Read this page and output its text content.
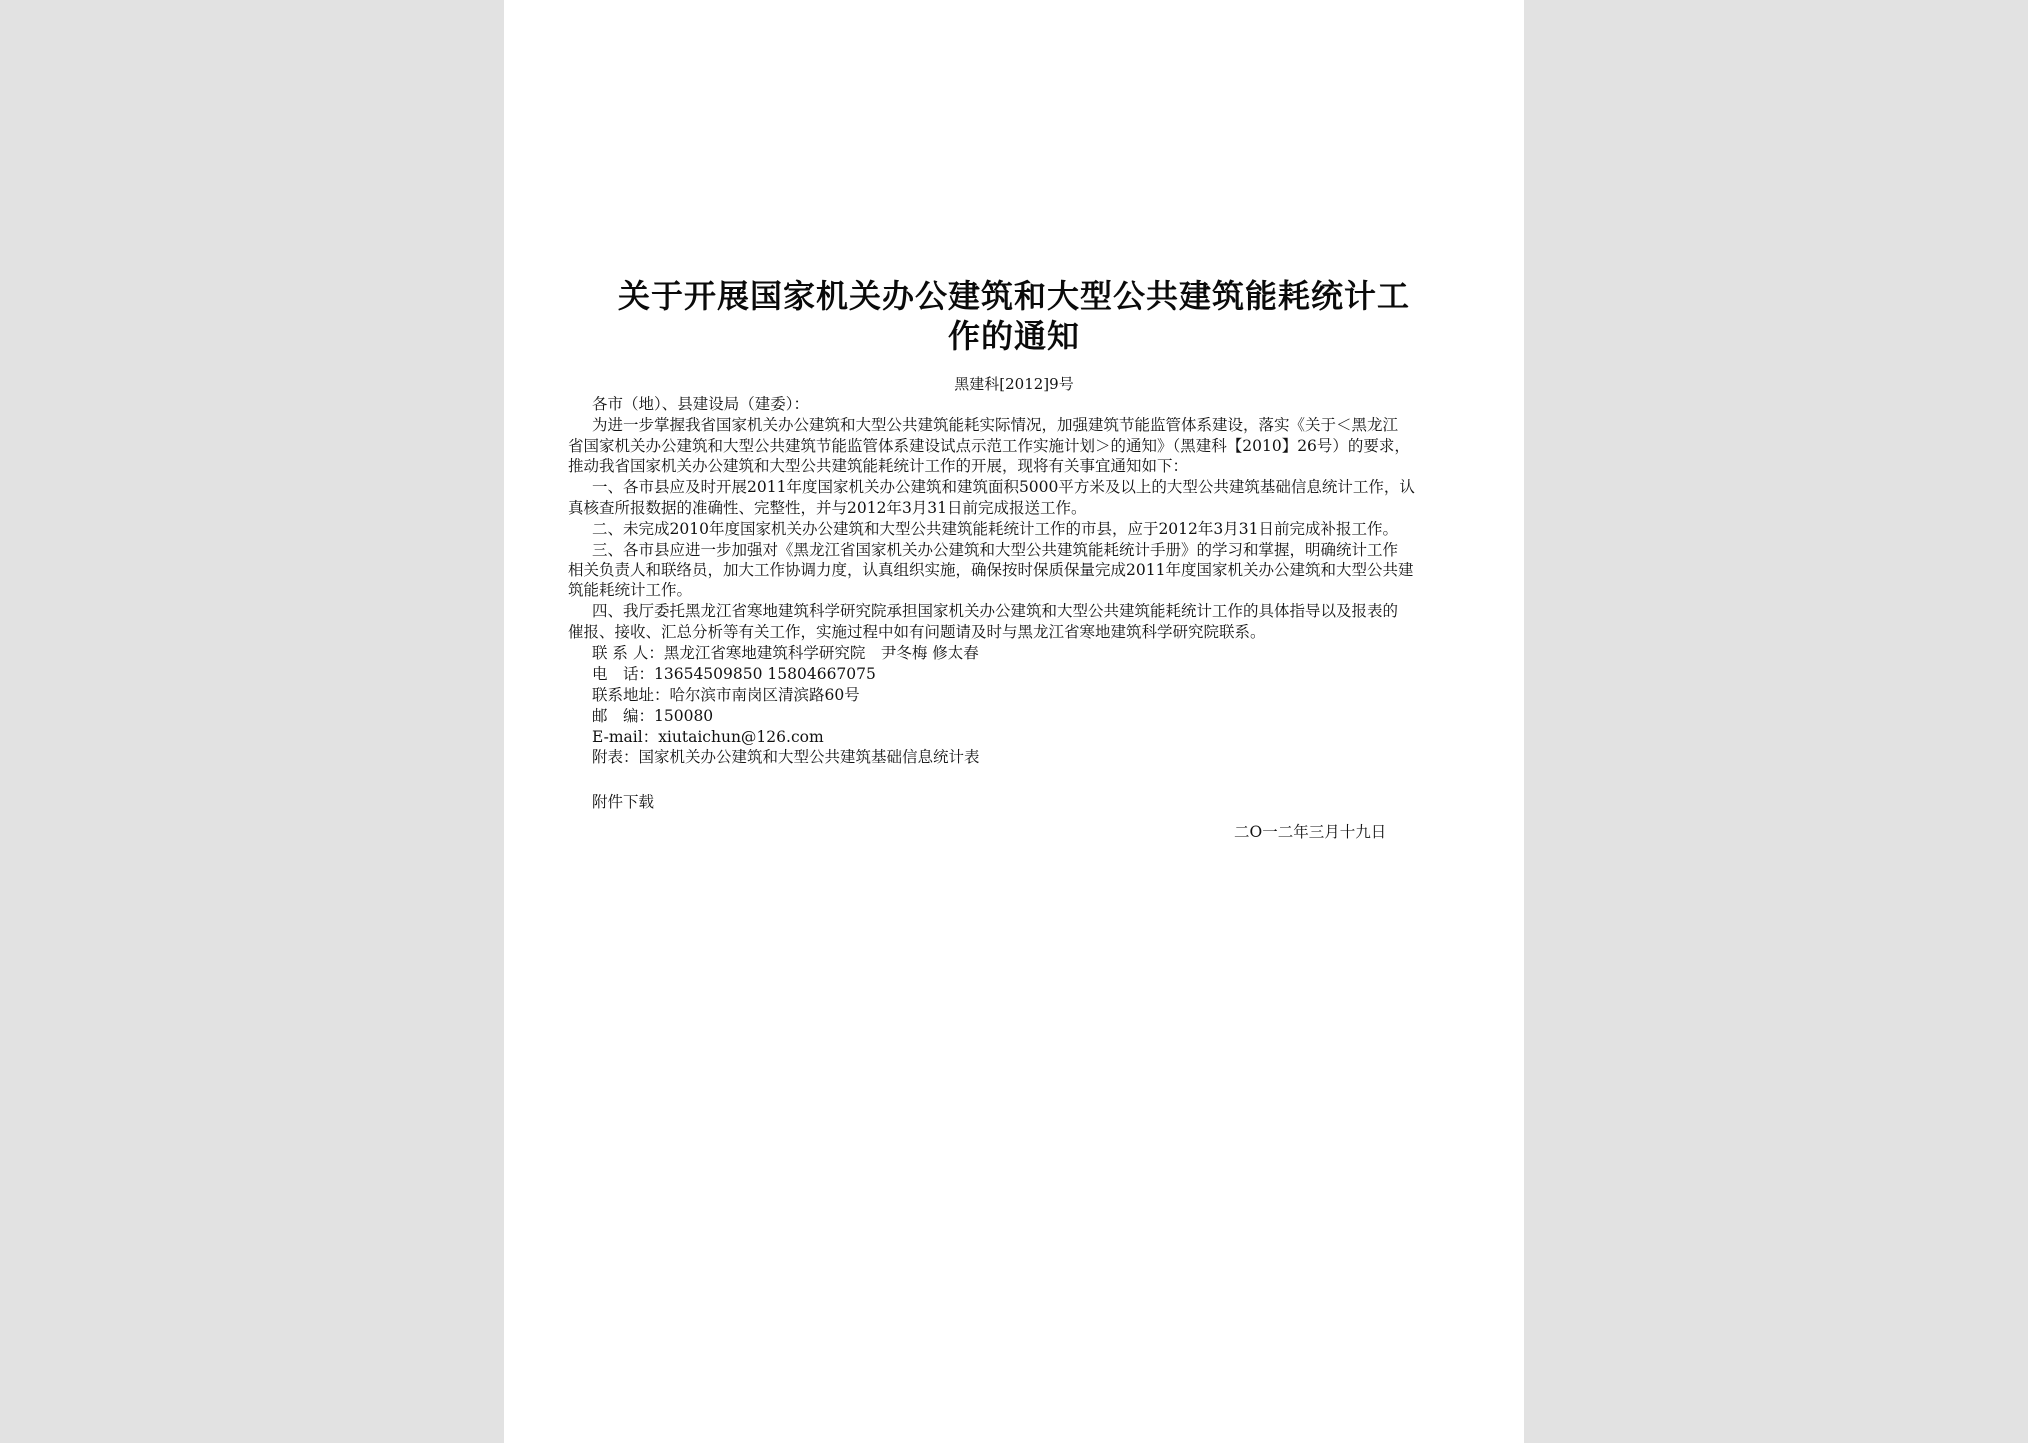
关于开展国家机关办公建筑和大型公共建筑能耗统计工
作的通知
黑建科[2012]9号
各市（地）、县建设局（建委）：
为进一步掌握我省国家机关办公建筑和大型公共建筑能耗实际情况，加强建筑节能监管体系建设，落实《关于＜黑龙江
省国家机关办公建筑和大型公共建筑节能监管体系建设试点示范工作实施计划＞的通知》（黑建科【2010】26号）的要求，
推动我省国家机关办公建筑和大型公共建筑能耗统计工作的开展，现将有关事宜通知如下：
一、各市县应及时开展2011年度国家机关办公建筑和建筑面积5000平方米及以上的大型公共建筑基础信息统计工作，认
真核查所报数据的准确性、完整性，并与2012年3月31日前完成报送工作。
二、未完成2010年度国家机关办公建筑和大型公共建筑能耗统计工作的市县，应于2012年3月31日前完成补报工作。
三、各市县应进一步加强对《黑龙江省国家机关办公建筑和大型公共建筑能耗统计手册》的学习和掌握，明确统计工作
相关负责人和联络员，加大工作协调力度，认真组织实施，确保按时保质保量完成2011年度国家机关办公建筑和大型公共建
筑能耗统计工作。
四、我厅委托黑龙江省寒地建筑科学研究院承担国家机关办公建筑和大型公共建筑能耗统计工作的具体指导以及报表的
催报、接收、汇总分析等有关工作，实施过程中如有问题请及时与黑龙江省寒地建筑科学研究院联系。
联 系 人：黑龙江省寒地建筑科学研究院　尹冬梅 修太春
电　话：13654509850 15804667075
联系地址：哈尔滨市南岗区清滨路60号
邮　编：150080
E-mail：xiutaichun@126.com
附表：国家机关办公建筑和大型公共建筑基础信息统计表
附件下载
二O一二年三月十九日
